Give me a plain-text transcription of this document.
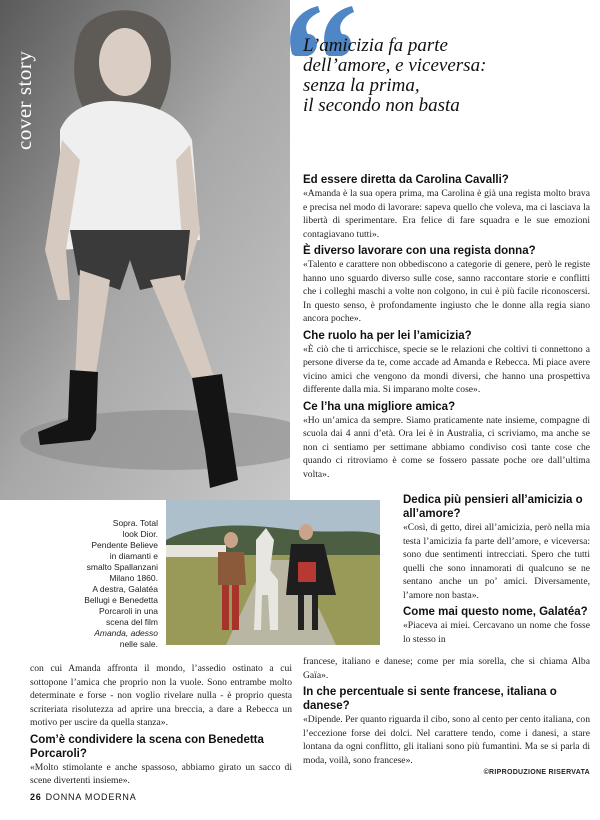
cover story
L’amicizia fa parte
dell’amore, e viceversa:
senza la prima,
il secondo non basta

Ed essere diretta da Carolina Cavalli?

«Amanda è la sua opera prima, ma Carolina è già una regista molto brava e precisa nel modo di lavorare: sapeva quello che voleva, ma ci lasciava la libertà di sperimentare. Era felice di fare squadra e le sue emozioni contagiavano tutti».

È diverso lavorare con una regista donna?

«Talento e carattere non obbediscono a categorie di genere, però le registe hanno uno sguardo diverso sulle cose, sanno raccontare storie e conflitti che i colleghi maschi a volte non colgono, in cui è più facile riconoscersi. In questo senso, è profondamente ingiusto che le donne alla regia siano ancora poche».

Che ruolo ha per lei l’amicizia?

«È ciò che ti arricchisce, specie se le relazioni che coltivi ti connettono a persone diverse da te, come accade ad Amanda e Rebecca. Mi piace avere vicino amici che vengono da mondi diversi, che hanno una prospettiva differente dalla mia. Si imparano molte cose».

Ce l’ha una migliore amica?

«Ho un’amica da sempre. Siamo praticamente nate insieme, compagne di scuola dai 4 anni d’età. Ora lei è in Australia, ci scriviamo, ma anche se non ci sentiamo per settimane abbiamo condiviso così tante cose che quando ci ritroviamo è come se fossero passate poche ore dall’ultima volta».

Dedica più pensieri all’amicizia o all’amore?

«Così, di getto, direi all’amicizia, però nella mia testa l’amicizia fa parte dell’amore, e viceversa: sono due sentimenti intrecciati. Spero che tutti quelli che sono innamorati di qualcuno se ne sentano anche un po’ amici. Diversamente, l’amore non basta».

Come mai questo nome, Galatéa?

«Piaceva ai miei. Cercavano un nome che fosse lo stesso in

francese, italiano e danese; come per mia sorella, che si chiama Alba Gaïa».

In che percentuale si sente francese, italiana o danese?

«Dipende. Per quanto riguarda il cibo, sono al cento per cento italiana, con l’eccezione forse dei dolci. Nel carattere tendo, come i danesi, a stare lontana da ogni conflitto, gli italiani sono più fumantini. Ma se si parla di moda, voilà, sono francese».

©RIPRODUZIONE RISERVATA

con cui Amanda affronta il mondo, l’assedio ostinato a cui sottopone l’amica che proprio non la vuole. Sono entrambe molto determinate e forse - non voglio rivelare nulla - è proprio questa scriteriata risolutezza ad aprire una breccia, a dare a Rebecca un motivo per uscire da quella stanza».

Com’è condividere la scena con Benedetta Porcaroli?

«Molto stimolante e anche spassoso, abbiamo girato un sacco di scene divertenti insieme».

Sopra. Total
look Dior.
Pendente Believe
in diamanti e
smalto Spallanzani
Milano 1860.
A destra, Galatéa
Bellugi e Benedetta
Porcaroli in una
scena del film
Amanda, adesso
nelle sale.
26 DONNA MODERNA
